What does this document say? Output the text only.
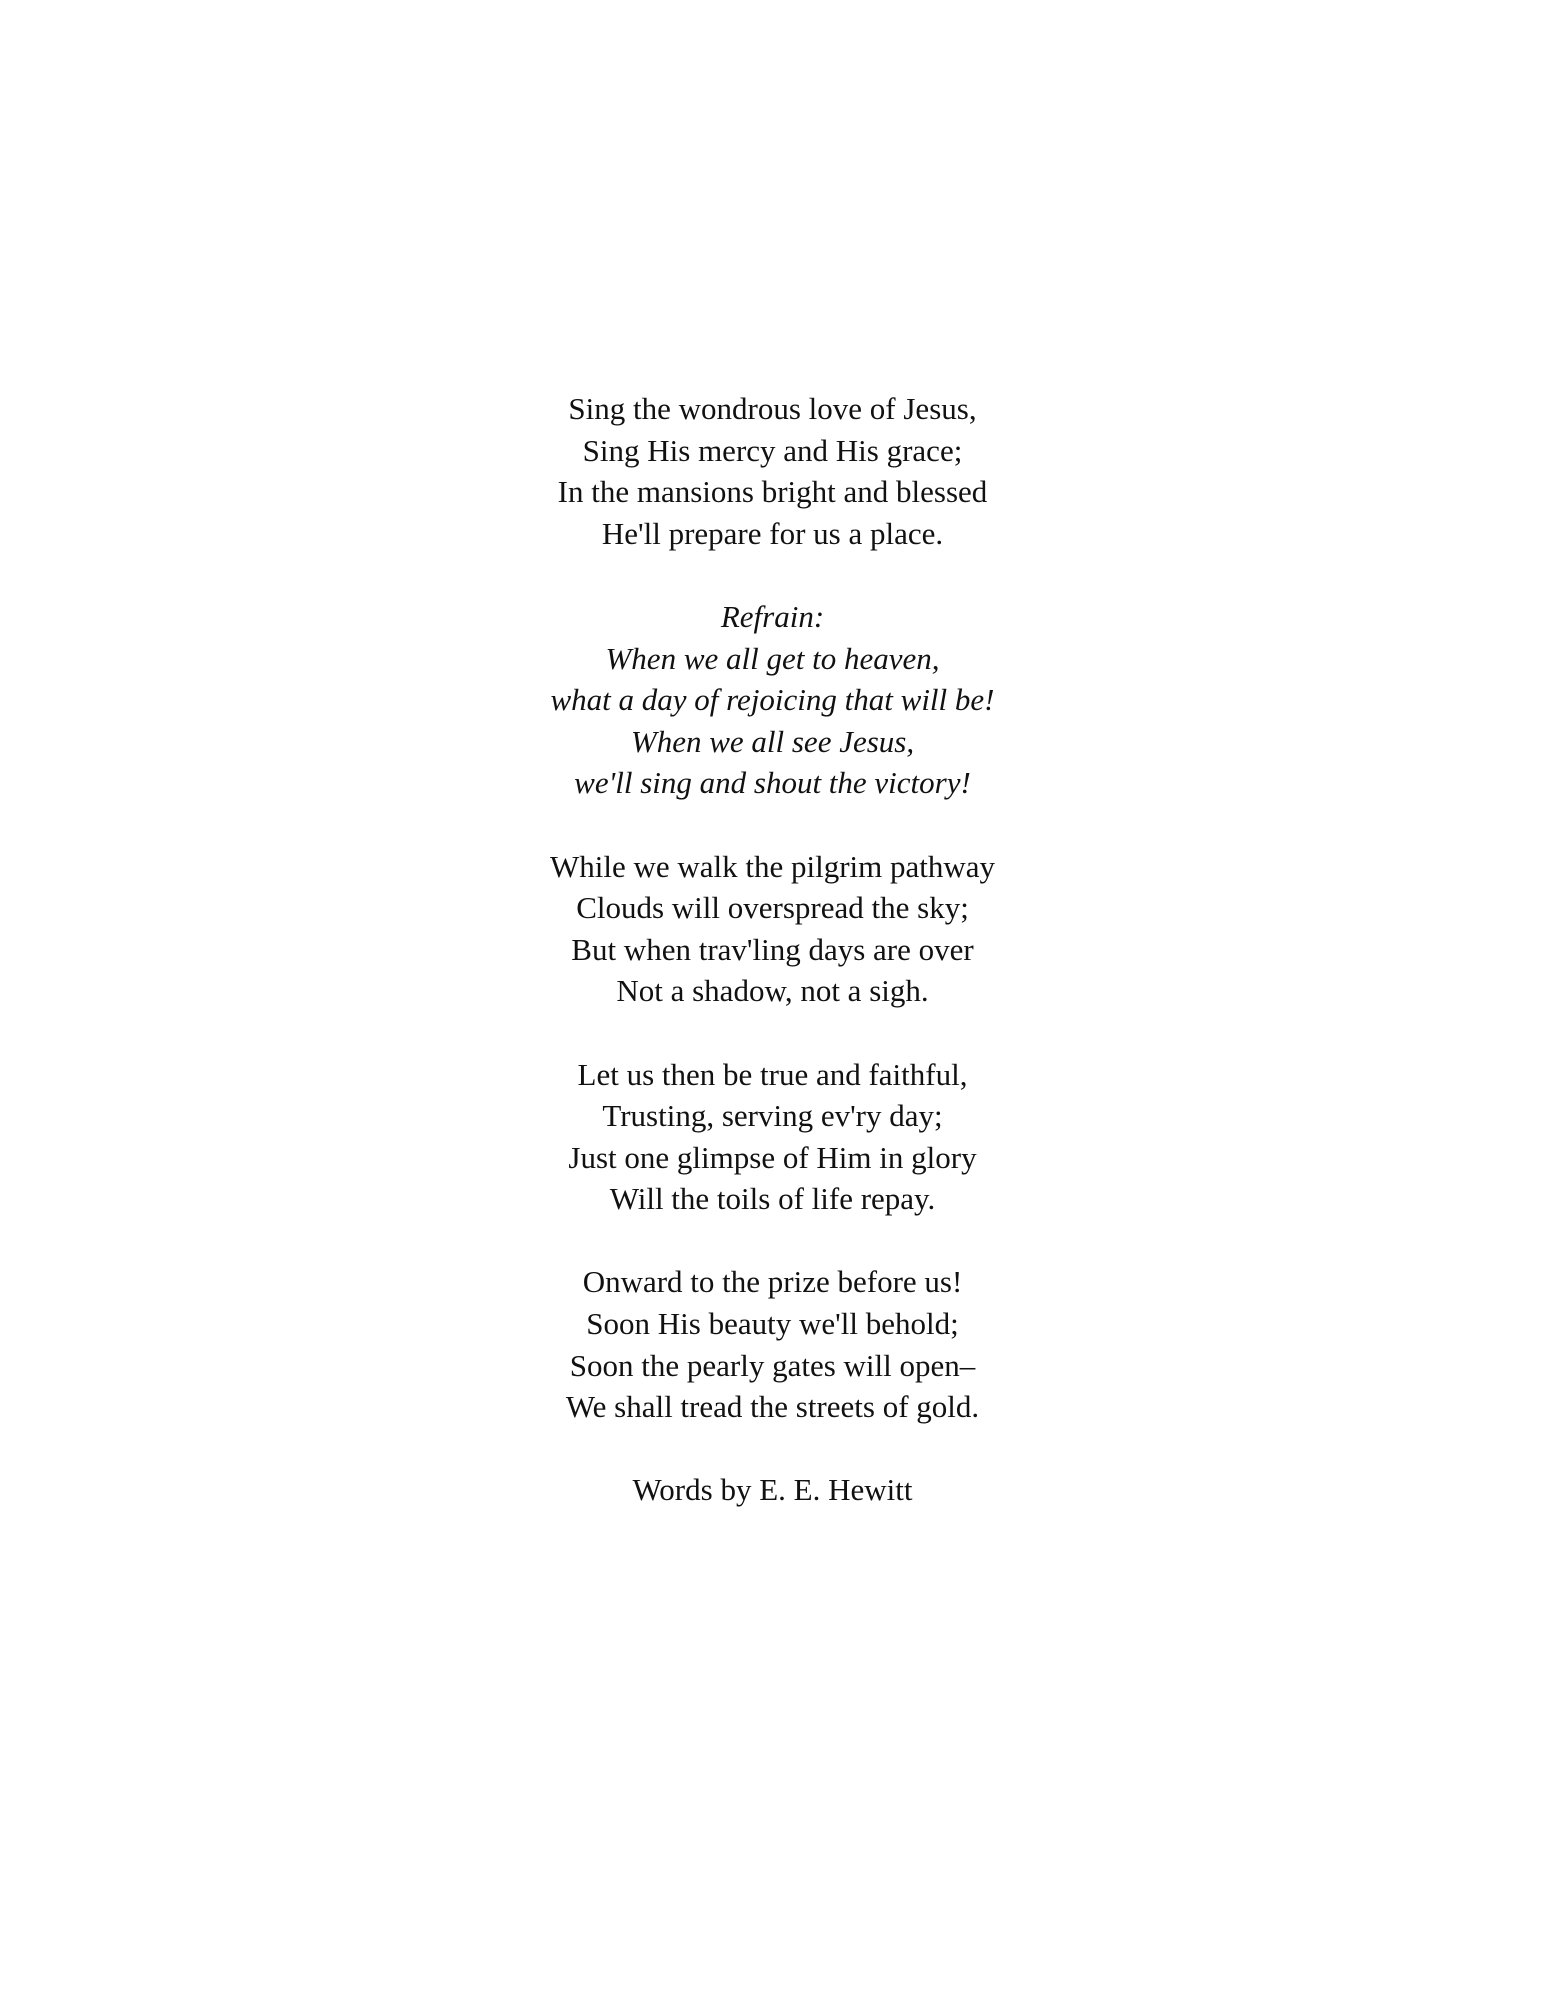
Sing the wondrous love of Jesus,
Sing His mercy and His grace;
In the mansions bright and blessed
He'll prepare for us a place.
Refrain:
When we all get to heaven,
what a day of rejoicing that will be!
When we all see Jesus,
we'll sing and shout the victory!
While we walk the pilgrim pathway
Clouds will overspread the sky;
But when trav'ling days are over
Not a shadow, not a sigh.
Let us then be true and faithful,
Trusting, serving ev'ry day;
Just one glimpse of Him in glory
Will the toils of life repay.
Onward to the prize before us!
Soon His beauty we'll behold;
Soon the pearly gates will open–
We shall tread the streets of gold.

Words by E. E. Hewitt
